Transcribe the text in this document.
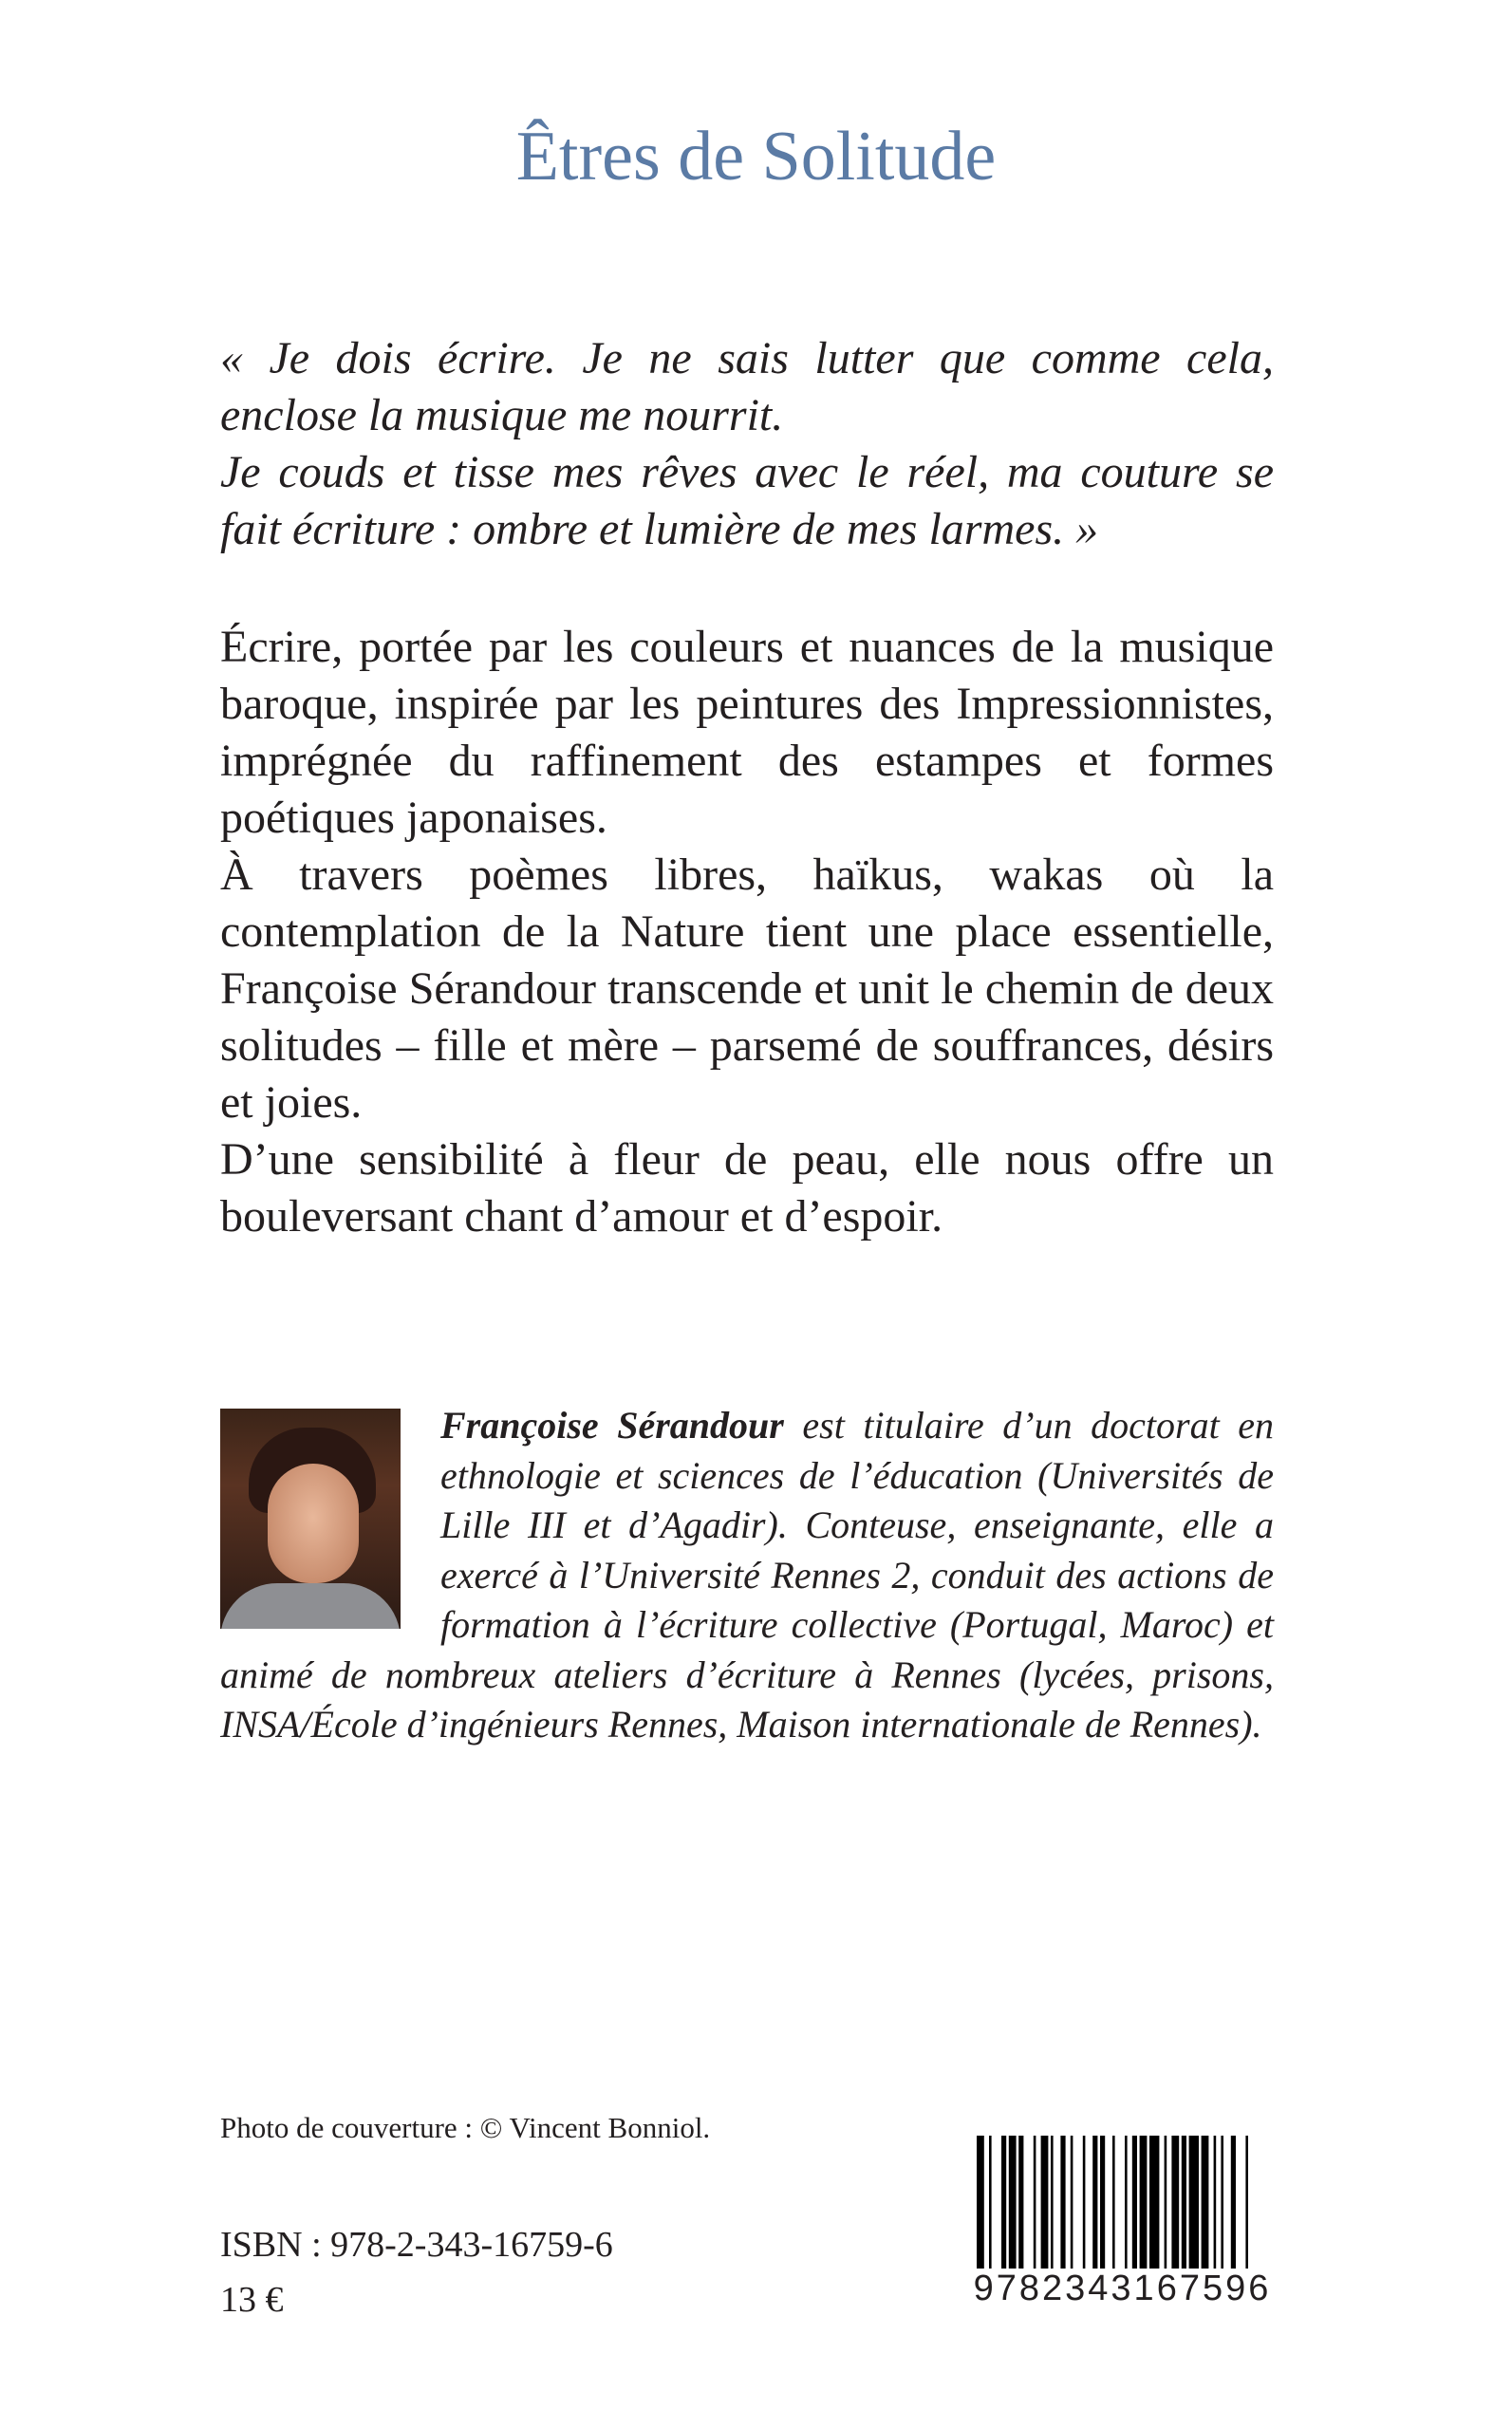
Êtres de Solitude

« Je dois écrire. Je ne sais lutter que comme cela, enclose la musique me nourrit.

Je couds et tisse mes rêves avec le réel, ma couture se fait écriture : ombre et lumière de mes larmes. »

Écrire, portée par les couleurs et nuances de la musique baroque, inspirée par les peintures des Impressionnistes, imprégnée du raffinement des estampes et formes poétiques japonaises.

À travers poèmes libres, haïkus, wakas où la contemplation de la Nature tient une place essentielle, Françoise Sérandour transcende et unit le chemin de deux solitudes – fille et mère – parsemé de souffrances, désirs et joies.

D’une sensibilité à fleur de peau, elle nous offre un bouleversant chant d’amour et d’espoir.

Françoise Sérandour est titulaire d’un doctorat en ethnologie et sciences de l’éducation (Universités de Lille III et d’Agadir). Conteuse, enseignante, elle a exercé à l’Université Rennes 2, conduit des actions de formation à l’écriture collective (Portugal, Maroc) et animé de nombreux ateliers d’écriture à Rennes (lycées, prisons, INSA/École d’ingénieurs Rennes, Maison internationale de Rennes).
Photo de couverture : © Vincent Bonniol.
ISBN : 978-2-343-16759-6
13 €	9782343167596
